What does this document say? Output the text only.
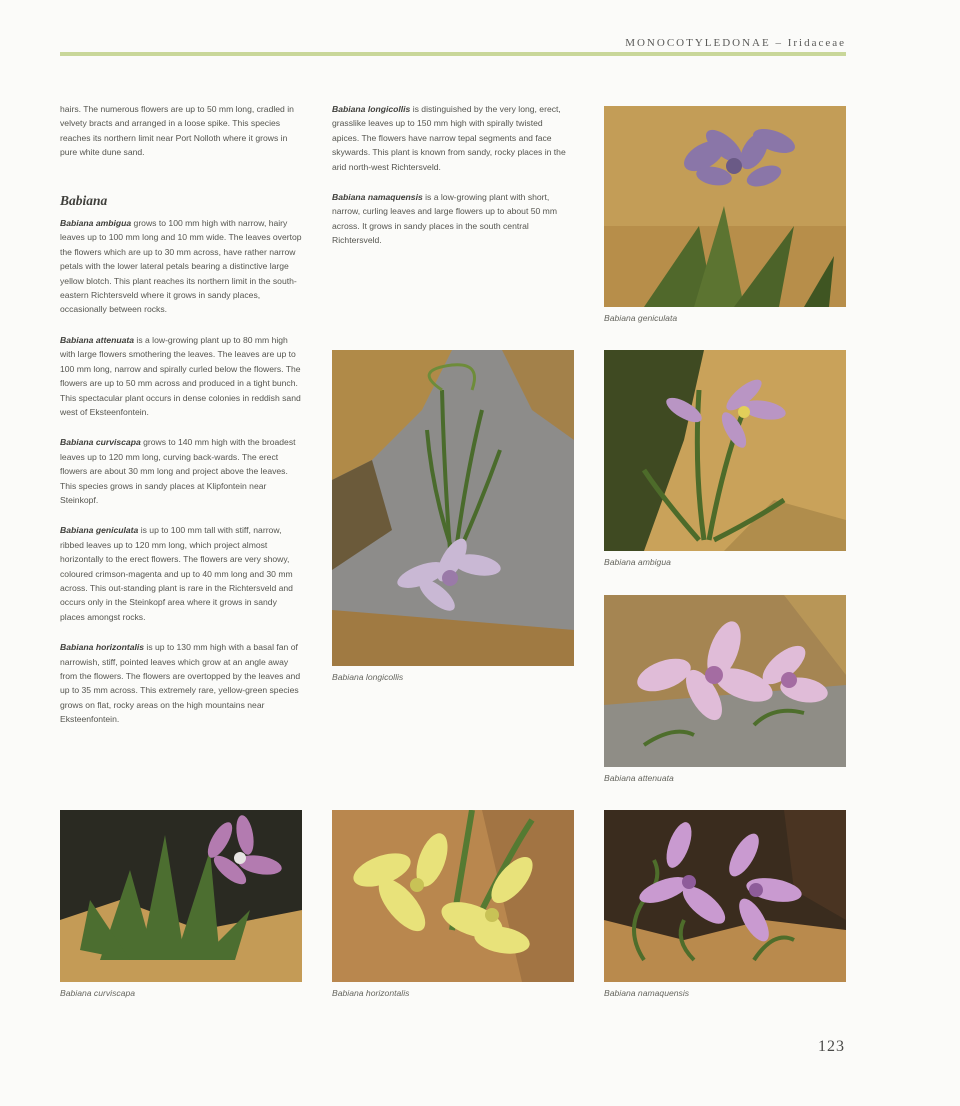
MONOCOTYLEDONAE – Iridaceae

hairs. The numerous flowers are up to 50 mm long, cradled in velvety bracts and arranged in a loose spike. This species reaches its northern limit near Port Nolloth where it grows in pure white dune sand.

Babiana

Babiana ambigua grows to 100 mm high with narrow, hairy leaves up to 100 mm long and 10 mm wide. The leaves overtop the flowers which are up to 30 mm across, have rather narrow petals with the lower lateral petals bearing a distinctive large yellow blotch. This plant reaches its northern limit in the south-eastern Richtersveld where it grows in sandy places, occasionally between rocks.

Babiana attenuata is a low-growing plant up to 80 mm high with large flowers smothering the leaves. The leaves are up to 100 mm long, narrow and spirally curled below the flowers. The flowers are up to 50 mm across and produced in a tight bunch. This spectacular plant occurs in dense colonies in reddish sand west of Eksteenfontein.

Babiana curviscapa grows to 140 mm high with the broadest leaves up to 120 mm long, curving back-wards. The erect flowers are about 30 mm long and project above the leaves. This species grows in sandy places at Klipfontein near Steinkopf.

Babiana geniculata is up to 100 mm tall with stiff, narrow, ribbed leaves up to 120 mm long, which project almost horizontally to the erect flowers. The flowers are very showy, coloured crimson-magenta and up to 40 mm long and 30 mm across. This out-standing plant is rare in the Richtersveld and occurs only in the Steinkopf area where it grows in sandy places amongst rocks.

Babiana horizontalis is up to 130 mm high with a basal fan of narrowish, stiff, pointed leaves which grow at an angle away from the flowers. The flowers are overtopped by the leaves and up to 35 mm across. This extremely rare, yellow-green species grows on flat, rocky areas on the high mountains near Eksteenfontein.

Babiana longicollis is distinguished by the very long, erect, grasslike leaves up to 150 mm high with spirally twisted apices. The flowers have narrow tepal segments and face skywards. This plant is known from sandy, rocky places in the arid north-west Richtersveld.

Babiana namaquensis is a low-growing plant with short, narrow, curling leaves and large flowers up to about 50 mm across. It grows in sandy places in the south central Richtersveld.

Babiana geniculata
Babiana longicollis
Babiana ambigua
Babiana attenuata
Babiana curviscapa	Babiana horizontalis	Babiana namaquensis
123
